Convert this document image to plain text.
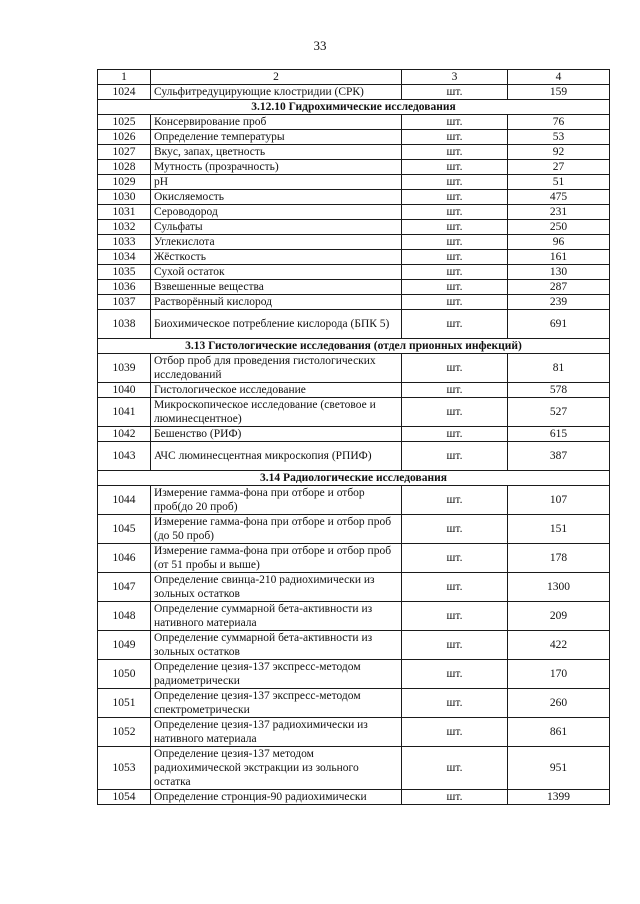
33
1	2	3	4
1024	Сульфитредуцирующие клостридии (СРК)	шт.	159
3.12.10 Гидрохимические исследования			
1025	Консервирование проб	шт.	76
1026	Определение температуры	шт.	53
1027	Вкус, запах, цветность	шт.	92
1028	Мутность (прозрачность)	шт.	27
1029	pH	шт.	51
1030	Окисляемость	шт.	475
1031	Сероводород	шт.	231
1032	Сульфаты	шт.	250
1033	Углекислота	шт.	96
1034	Жёсткость	шт.	161
1035	Сухой остаток	шт.	130
1036	Взвешенные вещества	шт.	287
1037	Растворённый кислород	шт.	239
1038	Биохимическое потребление кислорода (БПК 5)	шт.	691
3.13 Гистологические исследования (отдел прионных инфекций)			
1039	Отбор проб для проведения гистологических исследований	шт.	81
1040	Гистологическое исследование	шт.	578
1041	Микроскопическое исследование (световое и люминесцентное)	шт.	527
1042	Бешенство (РИФ)	шт.	615
1043	АЧС люминесцентная микроскопия (РПИФ)	шт.	387
3.14 Радиологические исследования			
1044	Измерение гамма-фона при отборе и отбор проб(до 20 проб)	шт.	107
1045	Измерение гамма-фона при отборе и отбор проб (до 50 проб)	шт.	151
1046	Измерение гамма-фона при отборе и отбор проб (от 51 пробы и выше)	шт.	178
1047	Определение свинца-210 радиохимически из зольных остатков	шт.	1300
1048	Определение суммарной бета-активности из нативного материала	шт.	209
1049	Определение суммарной бета-активности из зольных остатков	шт.	422
1050	Определение цезия-137 экспресс-методом радиометрически	шт.	170
1051	Определение цезия-137 экспресс-методом спектрометрически	шт.	260
1052	Определение цезия-137 радиохимически из нативного материала	шт.	861
1053	Определение цезия-137 методом радиохимической экстракции из зольного остатка	шт.	951
1054	Определение стронция-90 радиохимически	шт.	1399
